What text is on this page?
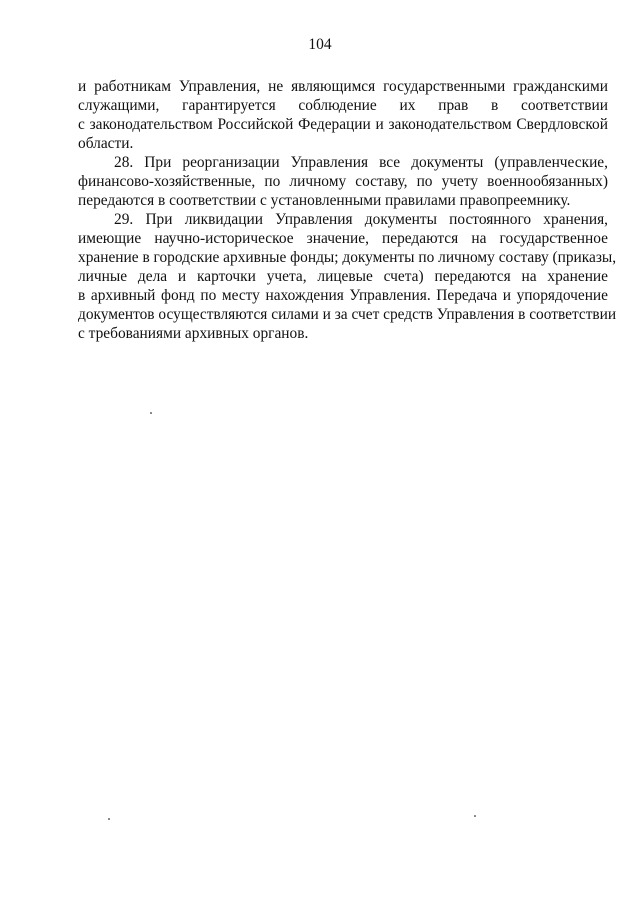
104
и работникам Управления, не являющимся государственными гражданскими
служащими, гарантируется соблюдение их прав в соответствии
с законодательством Российской Федерации и законодательством Свердловской
области.
28. При реорганизации Управления все документы (управленческие,
финансово-хозяйственные, по личному составу, по учету военнообязанных)
передаются в соответствии с установленными правилами правопреемнику.
29. При ликвидации Управления документы постоянного хранения,
имеющие научно-историческое значение, передаются на государственное
хранение в городские архивные фонды; документы по личному составу (приказы,
личные дела и карточки учета, лицевые счета) передаются на хранение
в архивный фонд по месту нахождения Управления. Передача и упорядочение
документов осуществляются силами и за счет средств Управления в соответствии
с требованиями архивных органов.
